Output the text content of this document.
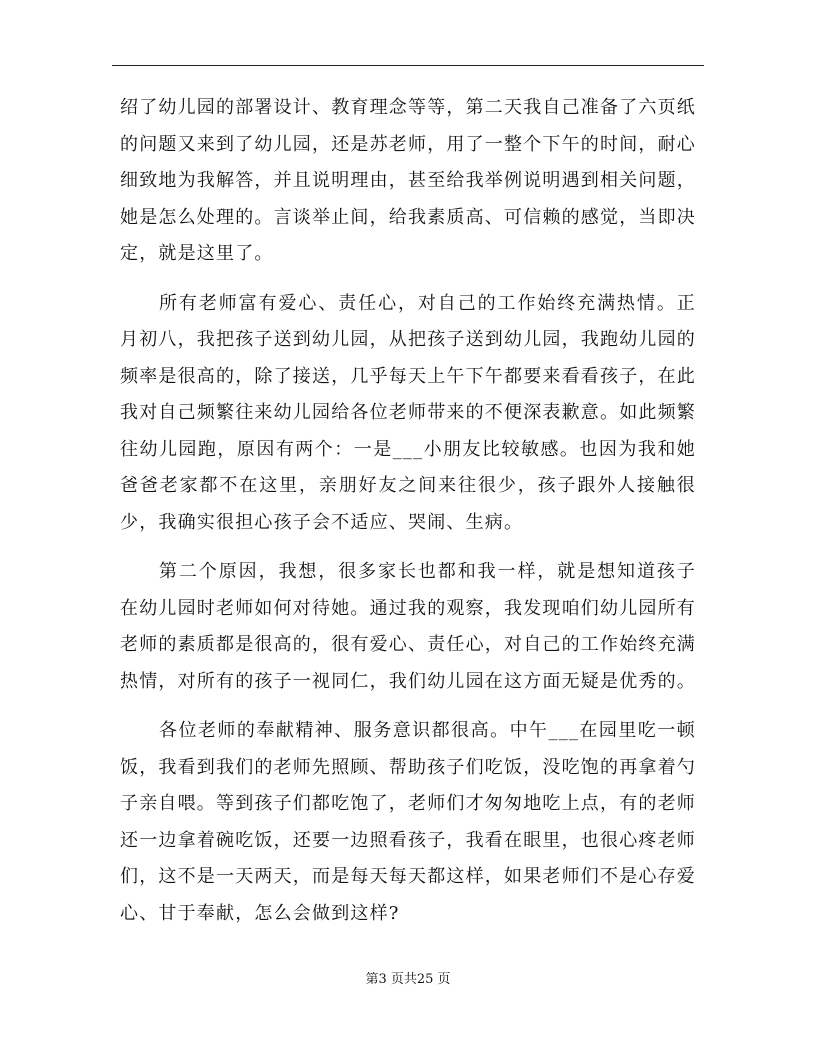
绍了幼儿园的部署设计、教育理念等等，第二天我自己准备了六页纸的问题又来到了幼儿园，还是苏老师，用了一整个下午的时间，耐心细致地为我解答，并且说明理由，甚至给我举例说明遇到相关问题，她是怎么处理的。言谈举止间，给我素质高、可信赖的感觉，当即决定，就是这里了。

所有老师富有爱心、责任心，对自己的工作始终充满热情。正月初八，我把孩子送到幼儿园，从把孩子送到幼儿园，我跑幼儿园的频率是很高的，除了接送，几乎每天上午下午都要来看看孩子，在此我对自己频繁往来幼儿园给各位老师带来的不便深表歉意。如此频繁往幼儿园跑，原因有两个：一是___小朋友比较敏感。也因为我和她爸爸老家都不在这里，亲朋好友之间来往很少，孩子跟外人接触很少，我确实很担心孩子会不适应、哭闹、生病。

第二个原因，我想，很多家长也都和我一样，就是想知道孩子在幼儿园时老师如何对待她。通过我的观察，我发现咱们幼儿园所有老师的素质都是很高的，很有爱心、责任心，对自己的工作始终充满热情，对所有的孩子一视同仁，我们幼儿园在这方面无疑是优秀的。

各位老师的奉献精神、服务意识都很高。中午___在园里吃一顿饭，我看到我们的老师先照顾、帮助孩子们吃饭，没吃饱的再拿着勺子亲自喂。等到孩子们都吃饱了，老师们才匆匆地吃上点，有的老师还一边拿着碗吃饭，还要一边照看孩子，我看在眼里，也很心疼老师们，这不是一天两天，而是每天每天都这样，如果老师们不是心存爱心、甘于奉献，怎么会做到这样?

第3 页共25 页
